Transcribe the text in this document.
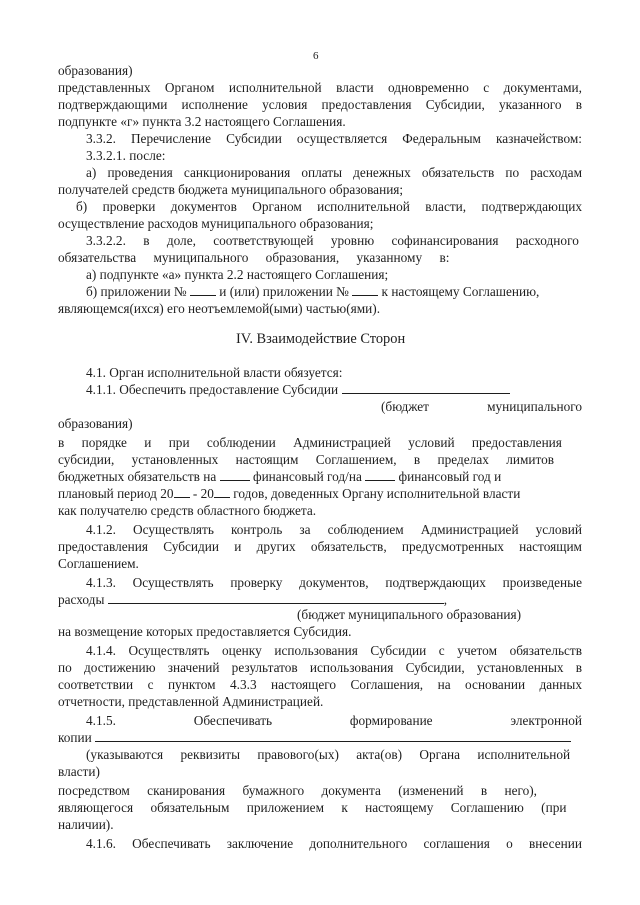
6
образования)
представленных Органом исполнительной власти одновременно с документами,
подтверждающими исполнение условия предоставления Субсидии, указанного в
подпункте «г» пункта 3.2 настоящего Соглашения.
3.3.2. Перечисление Субсидии осуществляется Федеральным казначейством:
3.3.2.1. после:
а) проведения санкционирования оплаты денежных обязательств по расходам
получателей средств бюджета муниципального образования;
б) проверки документов Органом исполнительной власти, подтверждающих
осуществление расходов муниципального образования;
3.3.2.2. в доле, соответствующей уровню софинансирования расходного
обязательства муниципального образования, указанному в:
а) подпункте «а» пункта 2.2 настоящего Соглашения;
б) приложении № и (или) приложении № к настоящему Соглашению,
являющемся(ихся) его неотъемлемой(ыми) частью(ями).
IV. Взаимодействие Сторон
4.1. Орган исполнительной власти обязуется:
4.1.1. Обеспечить предоставление Субсидии
(бюджет	муниципального
образования)
в порядке и при соблюдении Администрацией условий предоставления
субсидии, установленных настоящим Соглашением, в пределах лимитов
бюджетных обязательств на	финансовый год/на	финансовый год и
плановый период 20 - 20 годов, доведенных Органу исполнительной власти
как получателю средств областного бюджета.
4.1.2. Осуществлять контроль за соблюдением Администрацией условий
предоставления Субсидии и других обязательств, предусмотренных настоящим
Соглашением.
4.1.3. Осуществлять проверку документов, подтверждающих произведеные
расходы	,
(бюджет муниципального образования)
на возмещение которых предоставляется Субсидия.
4.1.4. Осуществлять оценку использования Субсидии с учетом обязательств
по достижению значений результатов использования Субсидии, установленных в
соответствии с пунктом 4.3.3 настоящего Соглашения, на основании данных
отчетности, представленной Администрацией.
4.1.5.	Обеспечивать	формирование	электронной
копии
(указываются реквизиты правового(ых) акта(ов) Органа исполнительной
власти)
посредством сканирования бумажного документа (изменений в него),
являющегося обязательным приложением к настоящему Соглашению (при
наличии).
4.1.6. Обеспечивать заключение дополнительного соглашения о внесении
